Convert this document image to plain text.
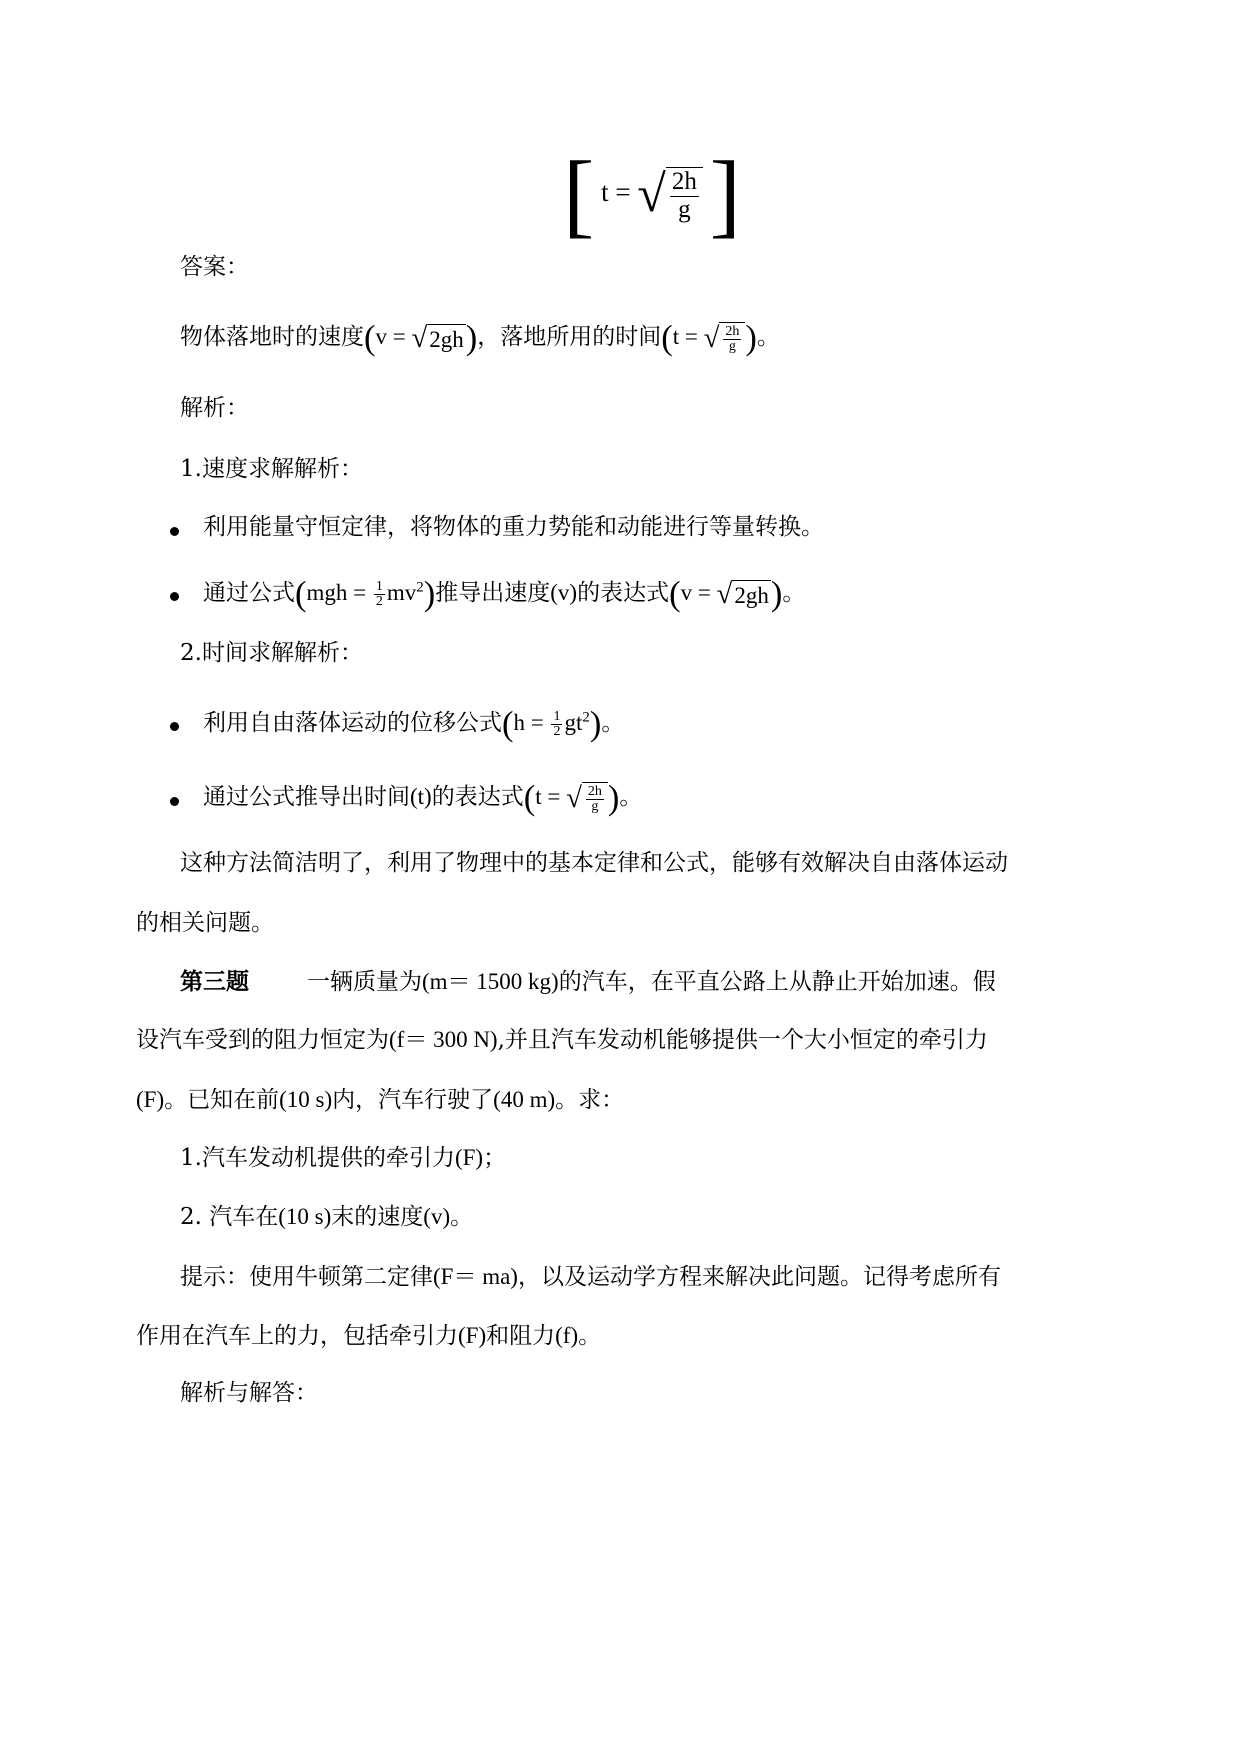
[ t = √ $\frac{2h}{g}$ ]
答案：
物体落地时的速度(v = √2gh)，落地所用的时间(t = √ $\frac{2h}{g}$ )。
解析：
1.速度求解解析：
利用能量守恒定律，将物体的重力势能和动能进行等量转换。
通过公式$(mgh = \frac{1}{2} mv^2)$推导出速度(v)的表达式(v = √2gh)。
2.时间求解解析：
利用自由落体运动的位移公式$(h = \frac{1}{2} gt^2)$。
通过公式推导出时间(t)的表达式(t = √ $\frac{2h}{g}$ )。
这种方法简洁明了，利用了物理中的基本定律和公式，能够有效解决自由落体运动
的相关问题。
第三题	一辆质量为(m＝ 1500 kg)的汽车，在平直公路上从静止开始加速。假
设汽车受到的阻力恒定为(f＝ 300 N),并且汽车发动机能够提供一个大小恒定的牵引力
(F)。已知在前(10 s)内，汽车行驶了(40 m)。求：
1.汽车发动机提供的牵引力(F)；
2. 汽车在(10 s)末的速度(v)。
提示：使用牛顿第二定律(F＝ ma)，以及运动学方程来解决此问题。记得考虑所有
作用在汽车上的力，包括牵引力(F)和阻力(f)。
解析与解答：
